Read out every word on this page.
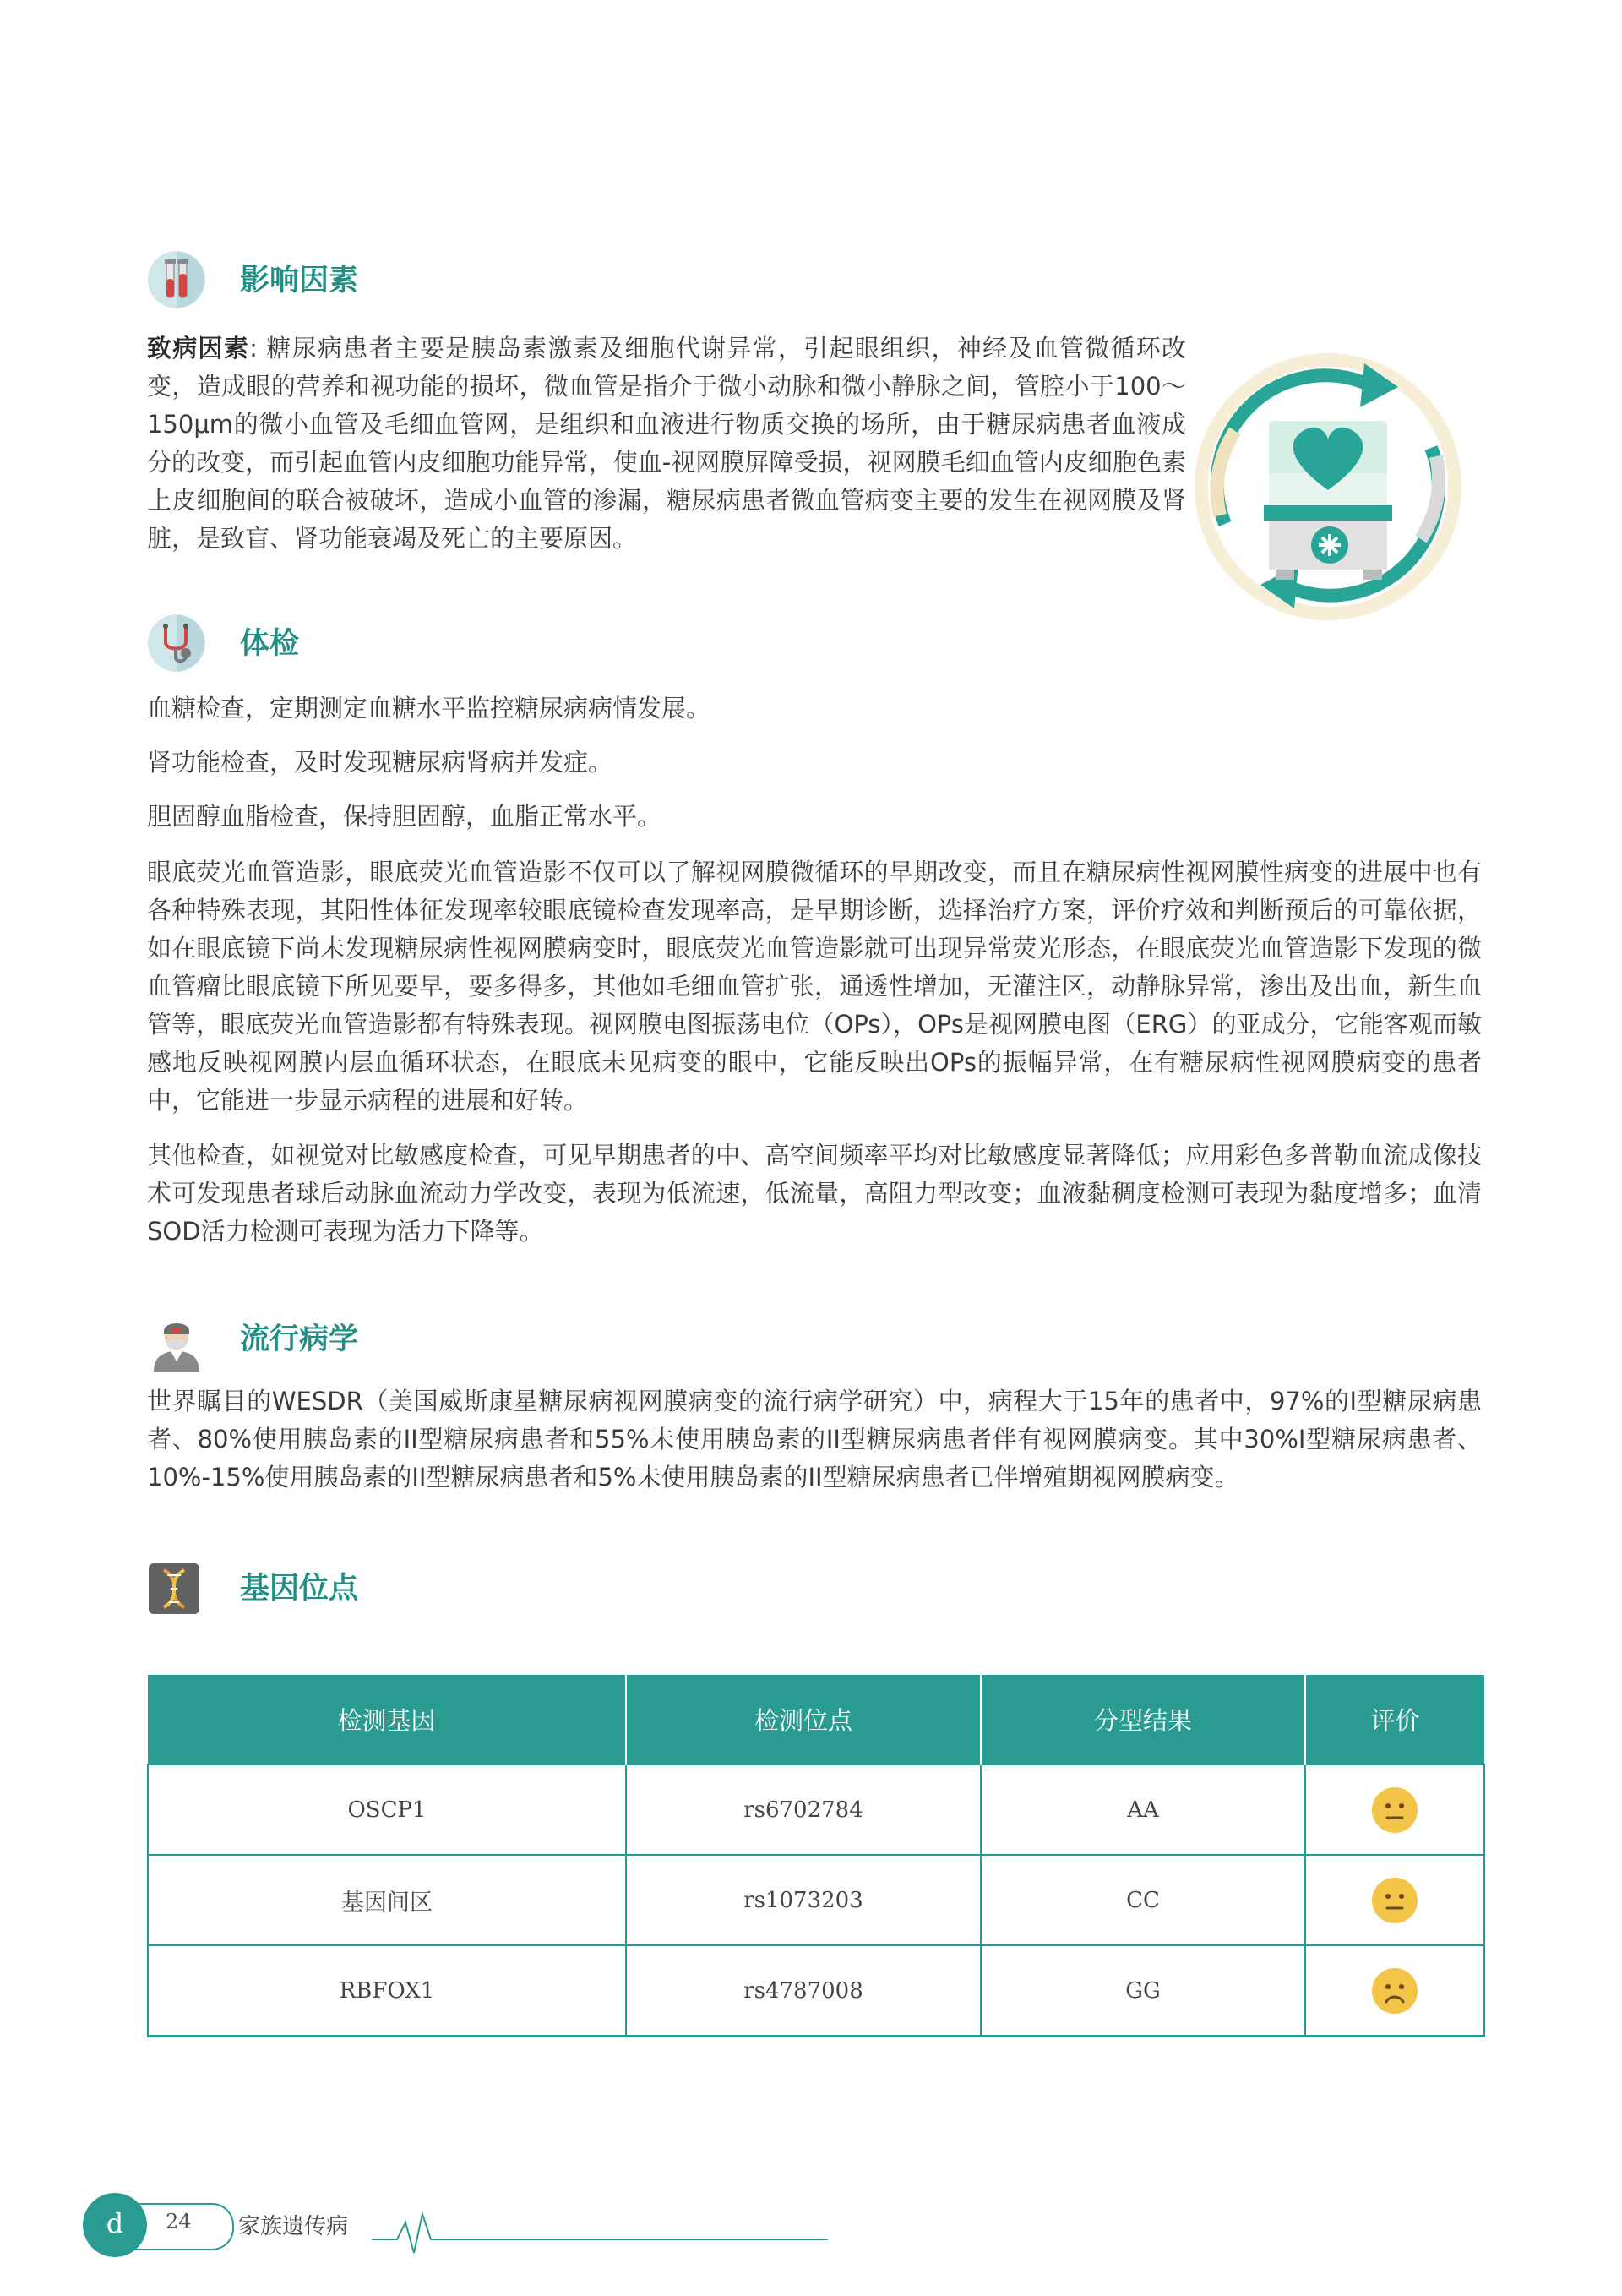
影响因素

致病因素: 糖尿病患者主要是胰岛素激素及细胞代谢异常，引起眼组织，神经及血管微循环改变，造成眼的营养和视功能的损坏，微血管是指介于微小动脉和微小静脉之间，管腔小于100～150μm的微小血管及毛细血管网，是组织和血液进行物质交换的场所，由于糖尿病患者血液成分的改变，而引起血管内皮细胞功能异常，使血-视网膜屏障受损，视网膜毛细血管内皮细胞色素上皮细胞间的联合被破坏，造成小血管的渗漏，糖尿病患者微血管病变主要的发生在视网膜及肾脏，是致盲、肾功能衰竭及死亡的主要原因。

体检

血糖检查，定期测定血糖水平监控糖尿病病情发展。

肾功能检查，及时发现糖尿病肾病并发症。

胆固醇血脂检查，保持胆固醇，血脂正常水平。

眼底荧光血管造影，眼底荧光血管造影不仅可以了解视网膜微循环的早期改变，而且在糖尿病性视网膜性病变的进展中也有各种特殊表现，其阳性体征发现率较眼底镜检查发现率高，是早期诊断，选择治疗方案，评价疗效和判断预后的可靠依据，如在眼底镜下尚未发现糖尿病性视网膜病变时，眼底荧光血管造影就可出现异常荧光形态，在眼底荧光血管造影下发现的微血管瘤比眼底镜下所见要早，要多得多，其他如毛细血管扩张，通透性增加，无灌注区，动静脉异常，渗出及出血，新生血管等，眼底荧光血管造影都有特殊表现。视网膜电图振荡电位（OPs），OPs是视网膜电图（ERG）的亚成分，它能客观而敏感地反映视网膜内层血循环状态，在眼底未见病变的眼中，它能反映出OPs的振幅异常，在有糖尿病性视网膜病变的患者中，它能进一步显示病程的进展和好转。

其他检查，如视觉对比敏感度检查，可见早期患者的中、高空间频率平均对比敏感度显著降低；应用彩色多普勒血流成像技术可发现患者球后动脉血流动力学改变，表现为低流速，低流量，高阻力型改变；血液黏稠度检测可表现为黏度增多；血清SOD活力检测可表现为活力下降等。

流行病学

世界瞩目的WESDR（美国威斯康星糖尿病视网膜病变的流行病学研究）中，病程大于15年的患者中，97%的I型糖尿病患者、80%使用胰岛素的II型糖尿病患者和55%未使用胰岛素的II型糖尿病患者伴有视网膜病变。其中30%I型糖尿病患者、10%-15%使用胰岛素的II型糖尿病患者和5%未使用胰岛素的II型糖尿病患者已伴增殖期视网膜病变。

基因位点
检测基因	检测位点	分型结果	评价
OSCP1	rs6702784	AA	
基因间区	rs1073203	CC	
RBFOX1	rs4787008	GG	
d	24 家族遗传病
